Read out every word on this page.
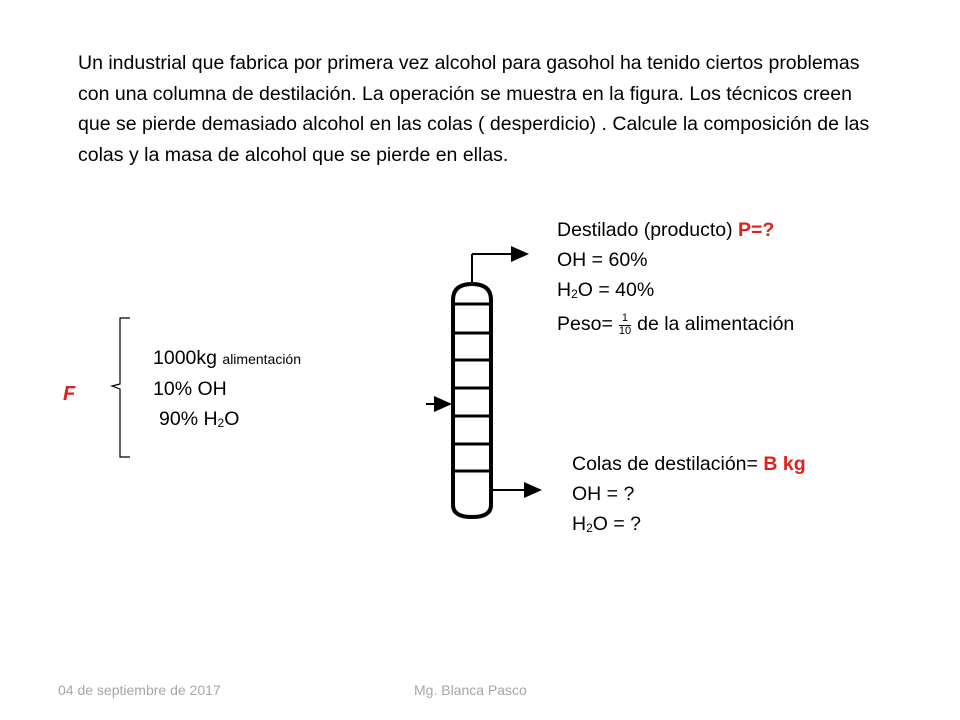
Un industrial que fabrica por primera vez alcohol para gasohol ha tenido ciertos problemas con una columna de destilación. La operación se muestra en la figura. Los técnicos creen que se pierde demasiado alcohol en las colas ( desperdicio) . Calcule la composición de las colas y la masa de alcohol que se pierde en ellas.

F
1000kg alimentación
10% OH
90% $H_2O$
Destilado (producto) P=?
OH = 60%
$H_2O = 40\%$
Peso= $\frac{1}{10}$ de la alimentación
Colas de destilación= B kg
OH = ?
$H_2O$ = ?
04 de septiembre de 2017	Mg. Blanca Pasco
